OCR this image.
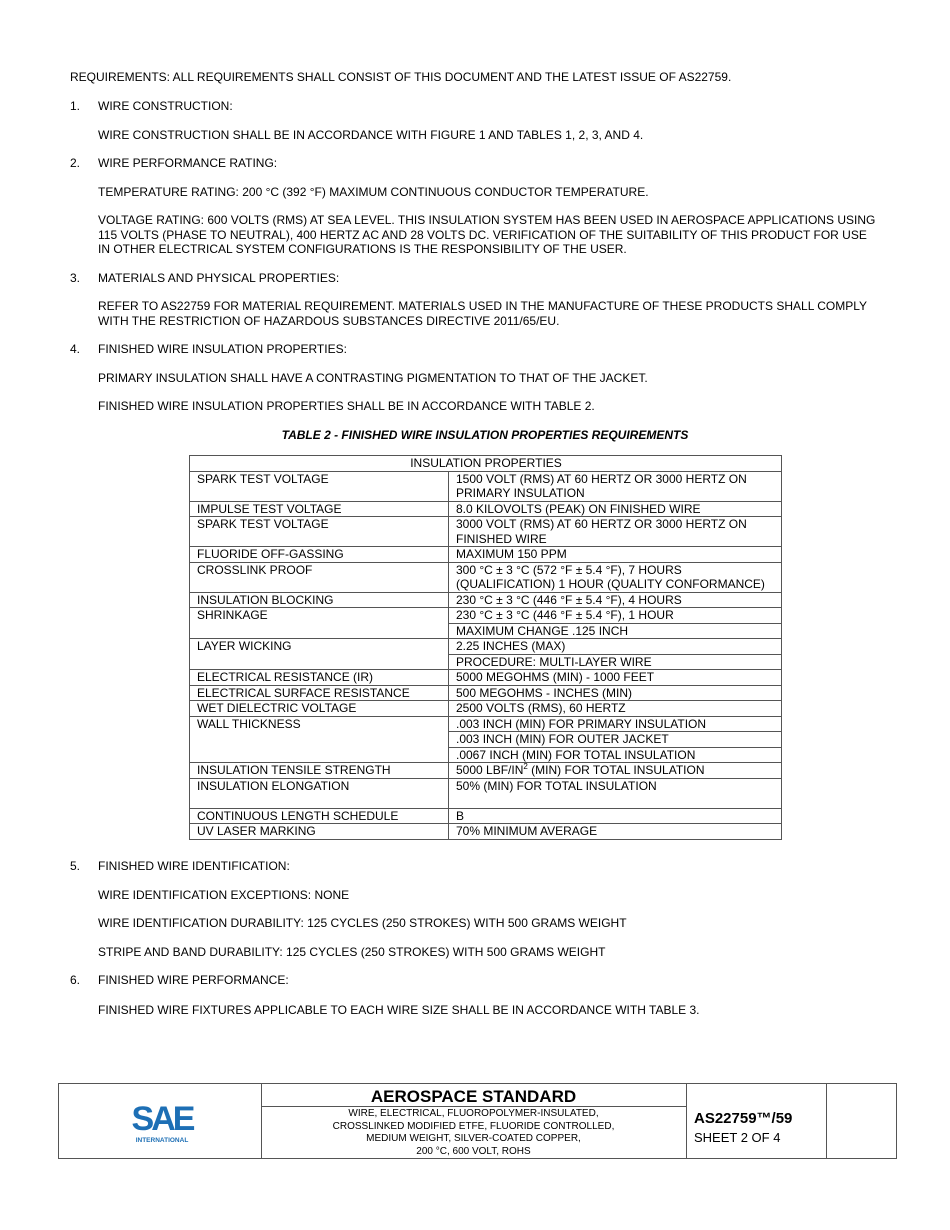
REQUIREMENTS: ALL REQUIREMENTS SHALL CONSIST OF THIS DOCUMENT AND THE LATEST ISSUE OF AS22759.
1. WIRE CONSTRUCTION:
WIRE CONSTRUCTION SHALL BE IN ACCORDANCE WITH FIGURE 1 AND TABLES 1, 2, 3, AND 4.
2. WIRE PERFORMANCE RATING:
TEMPERATURE RATING: 200 °C (392 °F) MAXIMUM CONTINUOUS CONDUCTOR TEMPERATURE.
VOLTAGE RATING: 600 VOLTS (RMS) AT SEA LEVEL. THIS INSULATION SYSTEM HAS BEEN USED IN AEROSPACE APPLICATIONS USING 115 VOLTS (PHASE TO NEUTRAL), 400 HERTZ AC AND 28 VOLTS DC. VERIFICATION OF THE SUITABILITY OF THIS PRODUCT FOR USE IN OTHER ELECTRICAL SYSTEM CONFIGURATIONS IS THE RESPONSIBILITY OF THE USER.
3. MATERIALS AND PHYSICAL PROPERTIES:
REFER TO AS22759 FOR MATERIAL REQUIREMENT. MATERIALS USED IN THE MANUFACTURE OF THESE PRODUCTS SHALL COMPLY WITH THE RESTRICTION OF HAZARDOUS SUBSTANCES DIRECTIVE 2011/65/EU.
4. FINISHED WIRE INSULATION PROPERTIES:
PRIMARY INSULATION SHALL HAVE A CONTRASTING PIGMENTATION TO THAT OF THE JACKET.
FINISHED WIRE INSULATION PROPERTIES SHALL BE IN ACCORDANCE WITH TABLE 2.
TABLE 2 - FINISHED WIRE INSULATION PROPERTIES REQUIREMENTS
INSULATION PROPERTIES	
SPARK TEST VOLTAGE	1500 VOLT (RMS) AT 60 HERTZ OR 3000 HERTZ ON PRIMARY INSULATION
IMPULSE TEST VOLTAGE	8.0 KILOVOLTS (PEAK) ON FINISHED WIRE
SPARK TEST VOLTAGE	3000 VOLT (RMS) AT 60 HERTZ OR 3000 HERTZ ON FINISHED WIRE
FLUORIDE OFF-GASSING	MAXIMUM 150 PPM
CROSSLINK PROOF	300 °C ± 3 °C (572 °F ± 5.4 °F), 7 HOURS (QUALIFICATION) 1 HOUR (QUALITY CONFORMANCE)
INSULATION BLOCKING	230 °C ± 3 °C (446 °F ± 5.4 °F), 4 HOURS
SHRINKAGE	230 °C ± 3 °C (446 °F ± 5.4 °F), 1 HOUR
	MAXIMUM CHANGE .125 INCH
LAYER WICKING	2.25 INCHES (MAX)
	PROCEDURE: MULTI-LAYER WIRE
ELECTRICAL RESISTANCE (IR)	5000 MEGOHMS (MIN) - 1000 FEET
ELECTRICAL SURFACE RESISTANCE	500 MEGOHMS - INCHES (MIN)
WET DIELECTRIC VOLTAGE	2500 VOLTS (RMS), 60 HERTZ
WALL THICKNESS	.003 INCH (MIN) FOR PRIMARY INSULATION
	.003 INCH (MIN) FOR OUTER JACKET
	.0067 INCH (MIN) FOR TOTAL INSULATION
INSULATION TENSILE STRENGTH	5000 LBF/$IN^2$ (MIN) FOR TOTAL INSULATION
INSULATION ELONGATION	50% (MIN) FOR TOTAL INSULATION
CONTINUOUS LENGTH SCHEDULE	B
UV LASER MARKING	70% MINIMUM AVERAGE
5. FINISHED WIRE IDENTIFICATION:
WIRE IDENTIFICATION EXCEPTIONS: NONE
WIRE IDENTIFICATION DURABILITY: 125 CYCLES (250 STROKES) WITH 500 GRAMS WEIGHT
STRIPE AND BAND DURABILITY: 125 CYCLES (250 STROKES) WITH 500 GRAMS WEIGHT
6. FINISHED WIRE PERFORMANCE:
FINISHED WIRE FIXTURES APPLICABLE TO EACH WIRE SIZE SHALL BE IN ACCORDANCE WITH TABLE 3.
SAE
INTERNATIONAL
AEROSPACE STANDARD
WIRE, ELECTRICAL, FLUOROPOLYMER-INSULATED,
CROSSLINKED MODIFIED ETFE, FLUORIDE CONTROLLED,
MEDIUM WEIGHT, SILVER-COATED COPPER,
200 °C, 600 VOLT, ROHS
AS22759™/59
SHEET 2 OF 4
